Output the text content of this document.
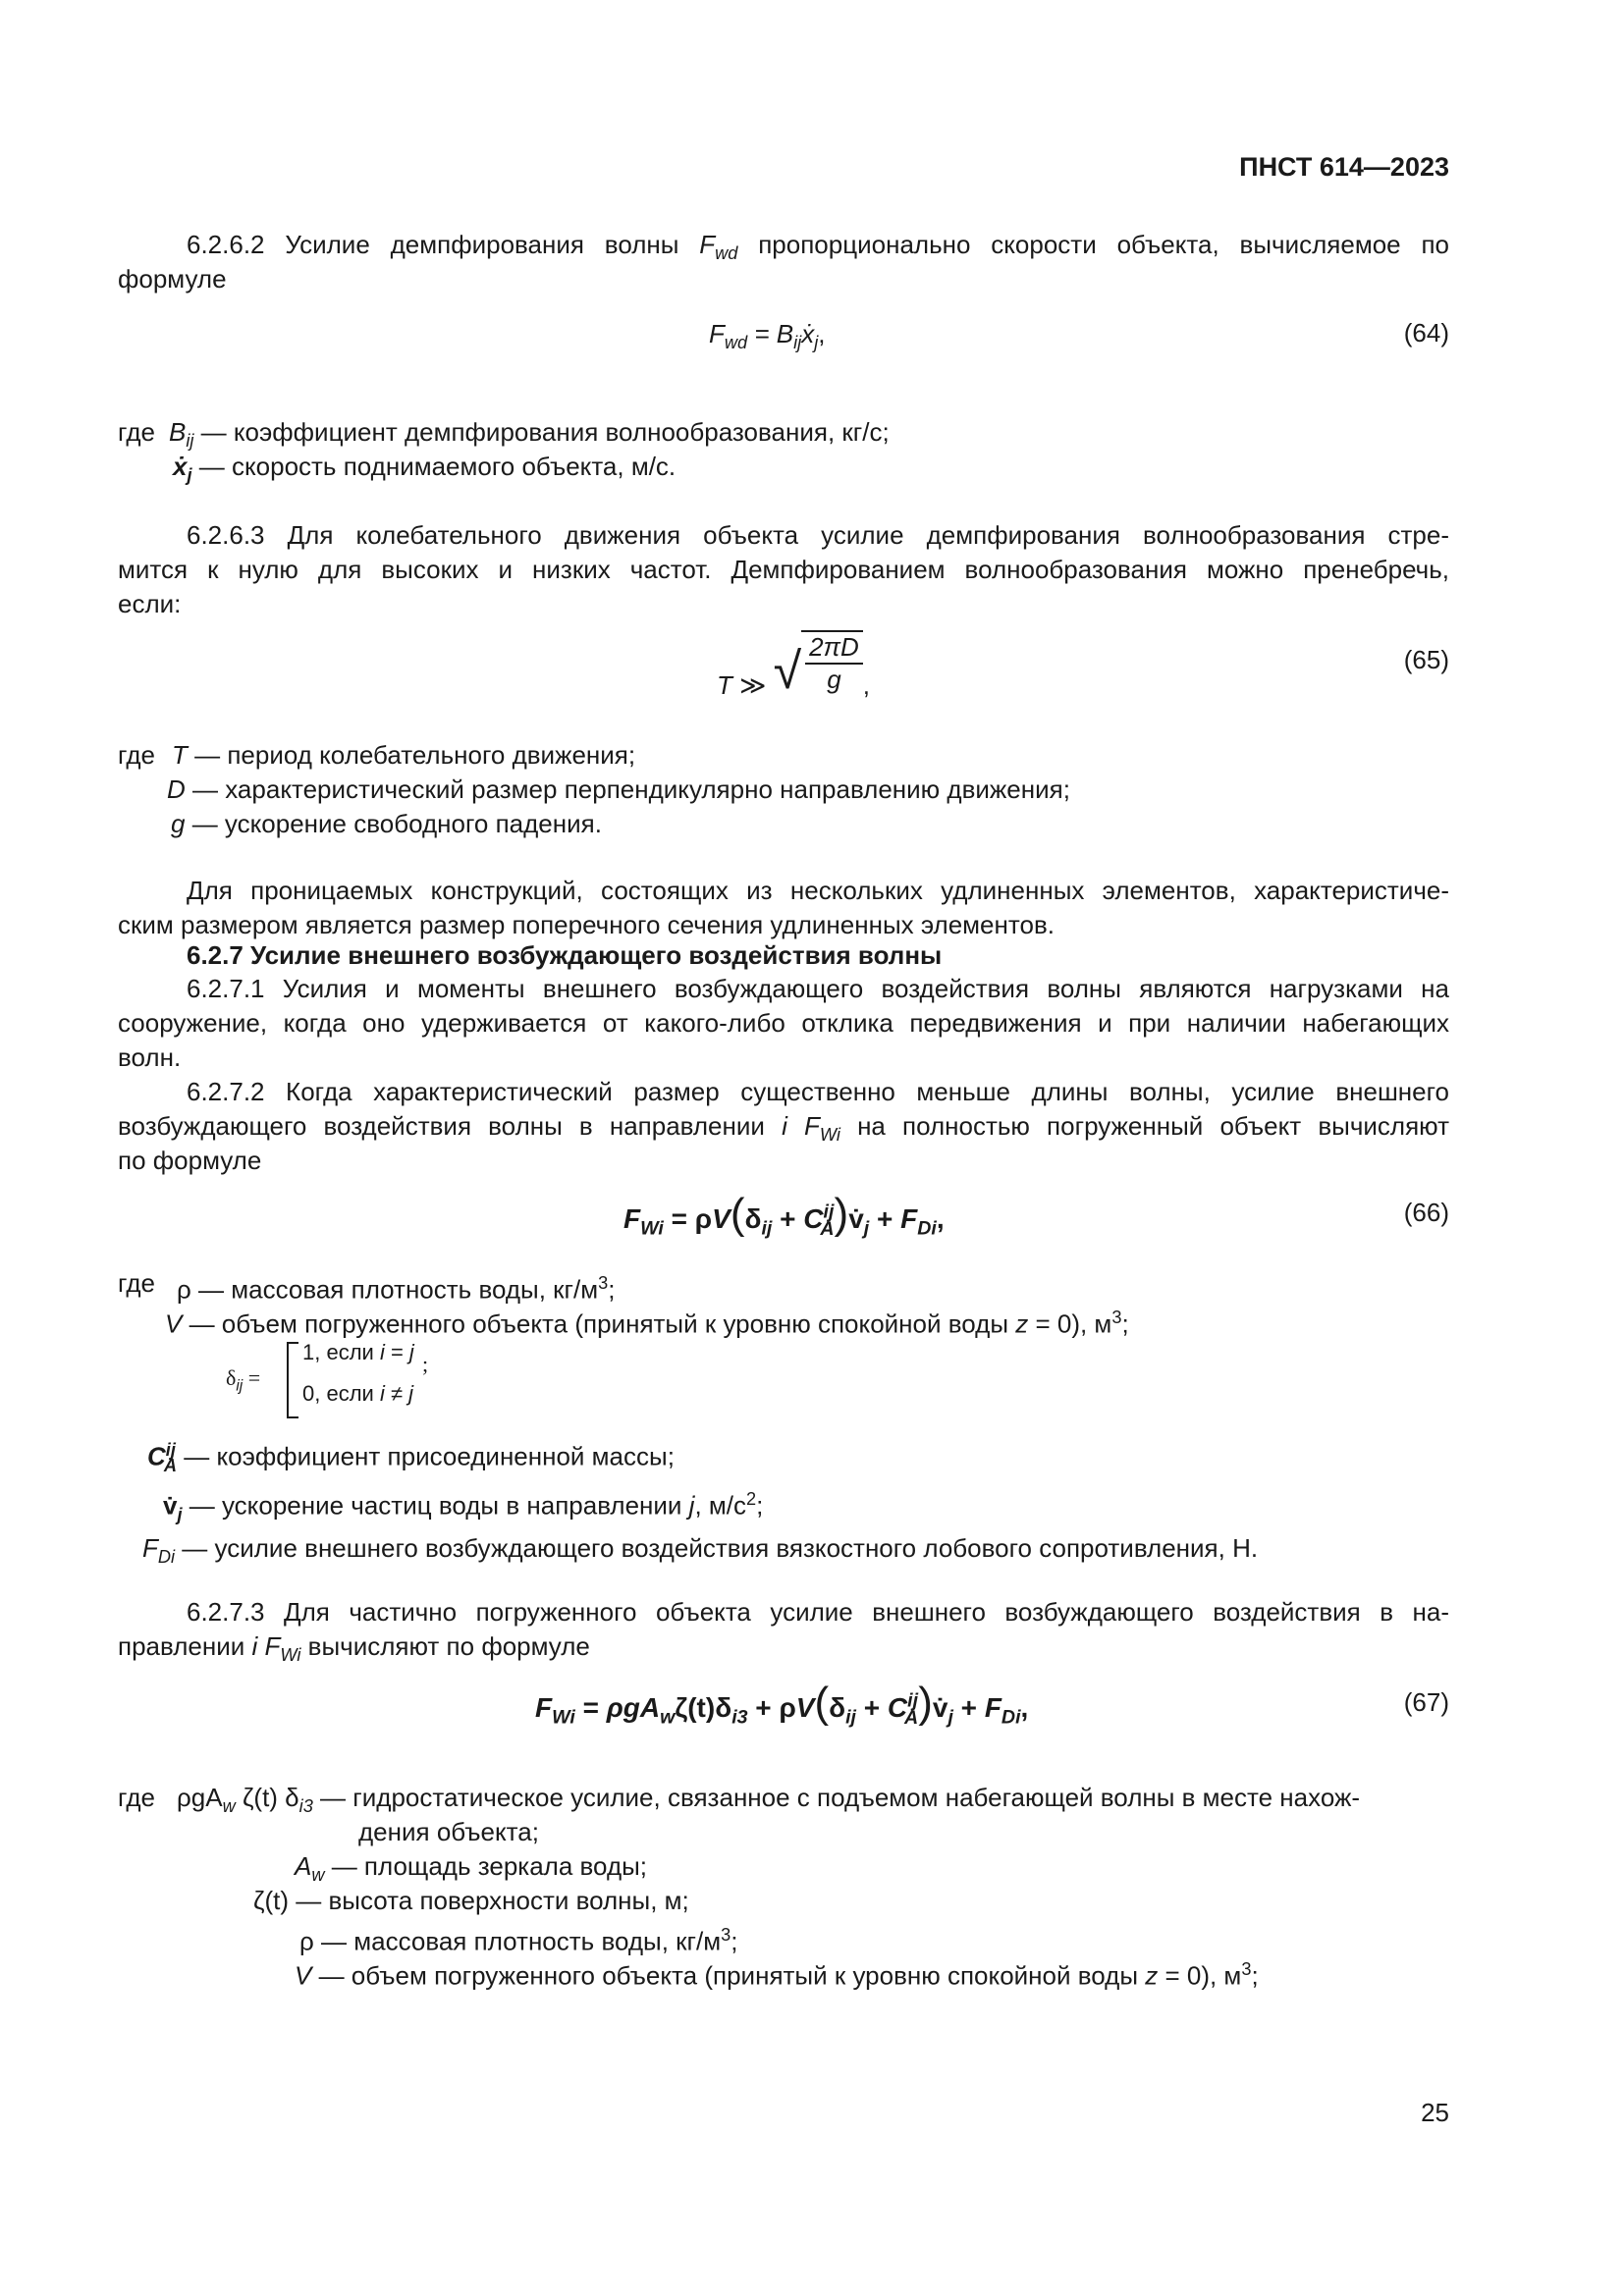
ПНСТ 614—2023
6.2.6.2 Усилие демпфирования волны $F_{wd}$ пропорционально скорости объекта, вычисляемое по
формуле
$F_{wd}$ = $B_{ij}ẋ_j$,	(64)
где $B_{ij}$ — коэффициент демпфирования волнообразования, кг/с;
ẋ$_j$ — скорость поднимаемого объекта, м/с.
6.2.6.3 Для колебательного движения объекта усилие демпфирования волнообразования стре-
мится к нулю для высоких и низких частот. Демпфированием волнообразования можно пренебречь,
если:
T ≫ √ $\frac{2\pi D}{g}$ ,
(65)
где T — период колебательного движения;
D — характеристический размер перпендикулярно направлению движения;
g — ускорение свободного падения.
Для проницаемых конструкций, состоящих из нескольких удлиненных элементов, характеристиче-
ским размером является размер поперечного сечения удлиненных элементов.
6.2.7 Усилие внешнего возбуждающего воздействия волны
6.2.7.1 Усилия и моменты внешнего возбуждающего воздействия волны являются нагрузками на
сооружение, когда оно удерживается от какого-либо отклика передвижения и при наличии набегающих
волн.
6.2.7.2 Когда характеристический размер существенно меньше длины волны, усилие внешнего
возбуждающего воздействия волны в направлении i $F_{Wi}$ на полностью погруженный объект вычисляют
по формуле
$F_{Wi} = \rho V(\delta_{ij}$ + $C^{ij}_A)v̇_j + F_{Di}$,	(66)
где ρ — массовая плотность воды, $кг/м^3$;
V — объем погруженного объекта (принятый к уровню спокойной воды z = 0), $м^3$;
$\delta_{ij}$ =
1, если i = j
0, если i ≠ j
;
$C^{ij}_A$ — коэффициент присоединенной массы;
$v̇_j$ — ускорение частиц воды в направлении j, $м/с^2$;
$F_{Di}$ — усилие внешнего возбуждающего воздействия вязкостного лобового сопротивления, Н.
6.2.7.3 Для частично погруженного объекта усилие внешнего возбуждающего воздействия в на-
правлении i $F_{Wi}$ вычисляют по формуле
$F_{Wi} = \rho gA_w\zeta(t)\delta_{i3} + \rho V(\delta_{ij}$ + $C^{ij}_A)v̇_j + F_{Di}$,	(67)
где ρgA$_w$ ζ(t) $\delta_{i3}$ — гидростатическое усилие, связанное с подъемом набегающей волны в месте нахож-
дения объекта;
$A_w$ — площадь зеркала воды;
ζ(t) — высота поверхности волны, м;
ρ — массовая плотность воды, $кг/м^3$;
V — объем погруженного объекта (принятый к уровню спокойной воды z = 0), $м^3$;
25
